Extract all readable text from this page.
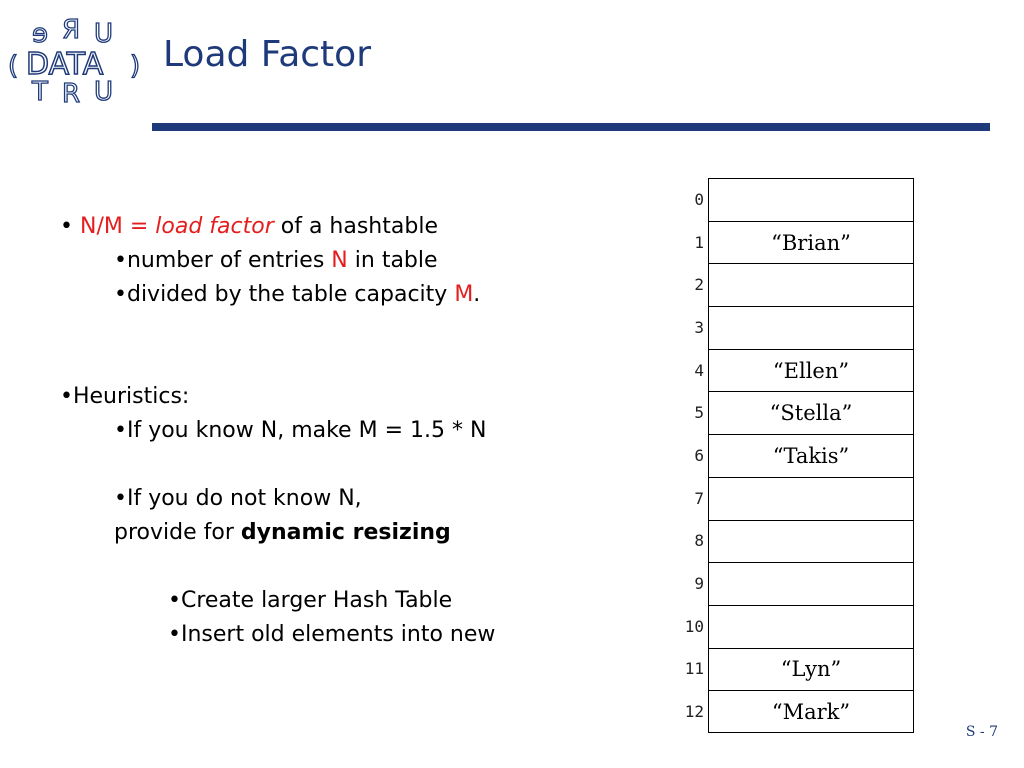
ɘ Я U
( DATA )
T R U
Load Factor
• N/M = load factor of a hashtable
•number of entries N in table
•divided by the table capacity M.
•Heuristics:
•If you know N, make M = 1.5 * N
•If you do not know N,
provide for dynamic resizing
•Create larger Hash Table
•Insert old elements into new
0
1	“Brian”
2
3
4	“Ellen”
5	“Stella”
6	“Takis”
7
8
9
10
11	“Lyn”
12	“Mark”
S - 7
